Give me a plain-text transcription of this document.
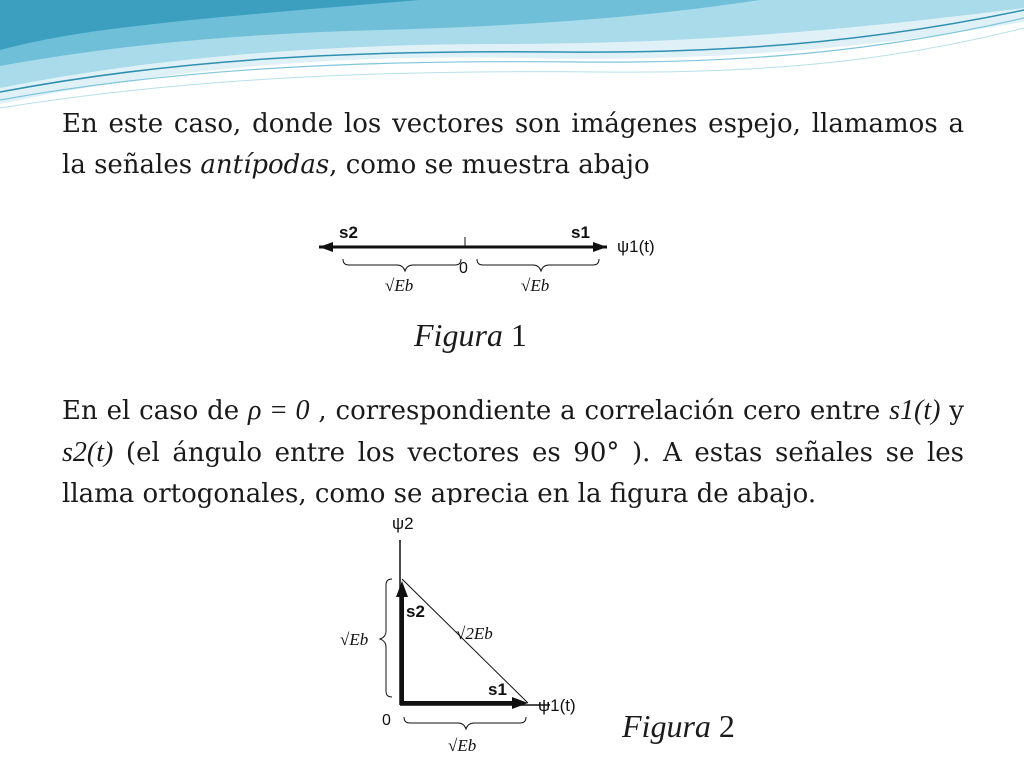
En este caso, donde los vectores son imágenes espejo, llamamos a la señales antípodas, como se muestra abajo
s2	s1
ψ1(t)
0
√Eb	√Eb
Figura 1
En el caso de ρ = 0 , correspondiente a correlación cero entre s1(t) y s2(t) (el ángulo entre los vectores es 90° ). A estas señales se les llama ortogonales, como se aprecia en la figura de abajo.
ψ2
s2
s1
ψ1(t)
0
√Eb
√Eb
√2Eb
Figura 2
